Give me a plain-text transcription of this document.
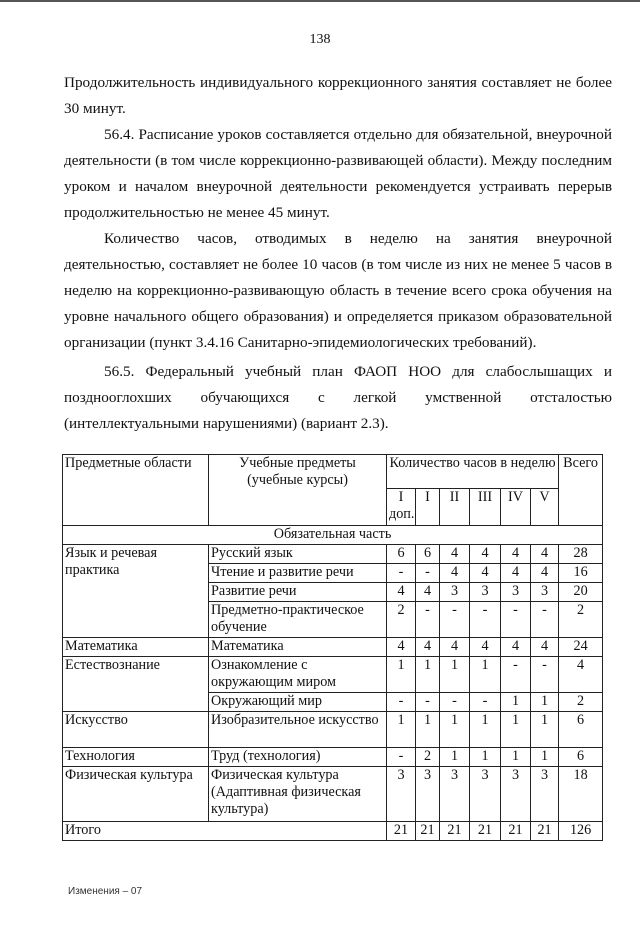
138

Продолжительность индивидуального коррекционного занятия составляет не более 30 минут.

56.4. Расписание уроков составляется отдельно для обязательной, внеурочной деятельности (в том числе коррекционно-развивающей области). Между последним уроком и началом внеурочной деятельности рекомендуется устраивать перерыв продолжительностью не менее 45 минут.

Количество часов, отводимых в неделю на занятия внеурочной деятельностью, составляет не более 10 часов (в том числе из них не менее 5 часов в неделю на коррекционно-развивающую область в течение всего срока обучения на уровне начального общего образования) и определяется приказом образовательной организации (пункт 3.4.16 Санитарно-эпидемиологических требований).

56.5. Федеральный учебный план ФАОП НОО для слабослышащих и позднооглохших обучающихся с легкой умственной отсталостью

(интеллектуальными нарушениями) (вариант 2.3).

Предметные области	Учебные предметы (учебные курсы)	Количество часов в неделю						Всего
		I доп.	I	II	III	IV	V	
Обязательная часть								
Язык и речевая практика	Русский язык	6	6	4	4	4	4	28
	Чтение и развитие речи	-	-	4	4	4	4	16
	Развитие речи	4	4	3	3	3	3	20
	Предметно-практическое обучение	2	-	-	-	-	-	2
Математика	Математика	4	4	4	4	4	4	24
Естествознание	Ознакомление с окружающим миром	1	1	1	1	-	-	4
	Окружающий мир	-	-	-	-	1	1	2
Искусство	Изобразительное искусство	1	1	1	1	1	1	6
Технология	Труд (технология)	-	2	1	1	1	1	6
Физическая культура	Физическая культура (Адаптивная физическая культура)	3	3	3	3	3	3	18
Итого		21	21	21	21	21	21	126
Изменения – 07
